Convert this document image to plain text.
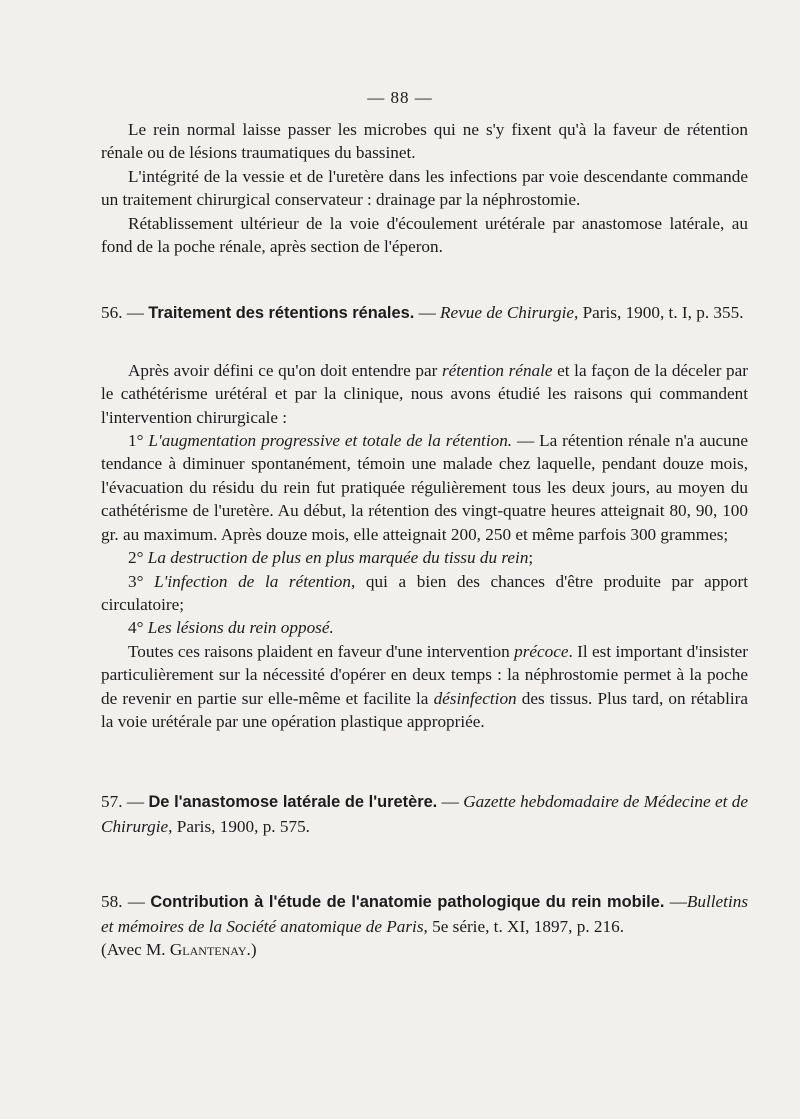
— 88 —

Le rein normal laisse passer les microbes qui ne s'y fixent qu'à la faveur de rétention rénale ou de lésions traumatiques du bassinet.

L'intégrité de la vessie et de l'uretère dans les infections par voie descendante commande un traitement chirurgical conservateur : drainage par la néphrostomie.

Rétablissement ultérieur de la voie d'écoulement urétérale par anastomose latérale, au fond de la poche rénale, après section de l'éperon.

56. — Traitement des rétentions rénales. — Revue de Chirurgie, Paris, 1900, t. I, p. 355.

Après avoir défini ce qu'on doit entendre par rétention rénale et la façon de la déceler par le cathétérisme urétéral et par la clinique, nous avons étudié les raisons qui commandent l'intervention chirurgicale :

1° L'augmentation progressive et totale de la rétention. — La rétention rénale n'a aucune tendance à diminuer spontanément, témoin une malade chez laquelle, pendant douze mois, l'évacuation du résidu du rein fut pratiquée régulièrement tous les deux jours, au moyen du cathétérisme de l'uretère. Au début, la rétention des vingt-quatre heures atteignait 80, 90, 100 gr. au maximum. Après douze mois, elle atteignait 200, 250 et même parfois 300 grammes;

2° La destruction de plus en plus marquée du tissu du rein;

3° L'infection de la rétention, qui a bien des chances d'être produite par apport circulatoire;

4° Les lésions du rein opposé.

Toutes ces raisons plaident en faveur d'une intervention précoce. Il est important d'insister particulièrement sur la nécessité d'opérer en deux temps : la néphrostomie permet à la poche de revenir en partie sur elle-même et facilite la désinfection des tissus. Plus tard, on rétablira la voie urétérale par une opération plastique appropriée.

57. — De l'anastomose latérale de l'uretère. — Gazette hebdomadaire de Médecine et de Chirurgie, Paris, 1900, p. 575.

58. — Contribution à l'étude de l'anatomie pathologique du rein mobile. —Bulletins et mémoires de la Société anatomique de Paris, 5e série, t. XI, 1897, p. 216.

(Avec M. Glantenay.)
